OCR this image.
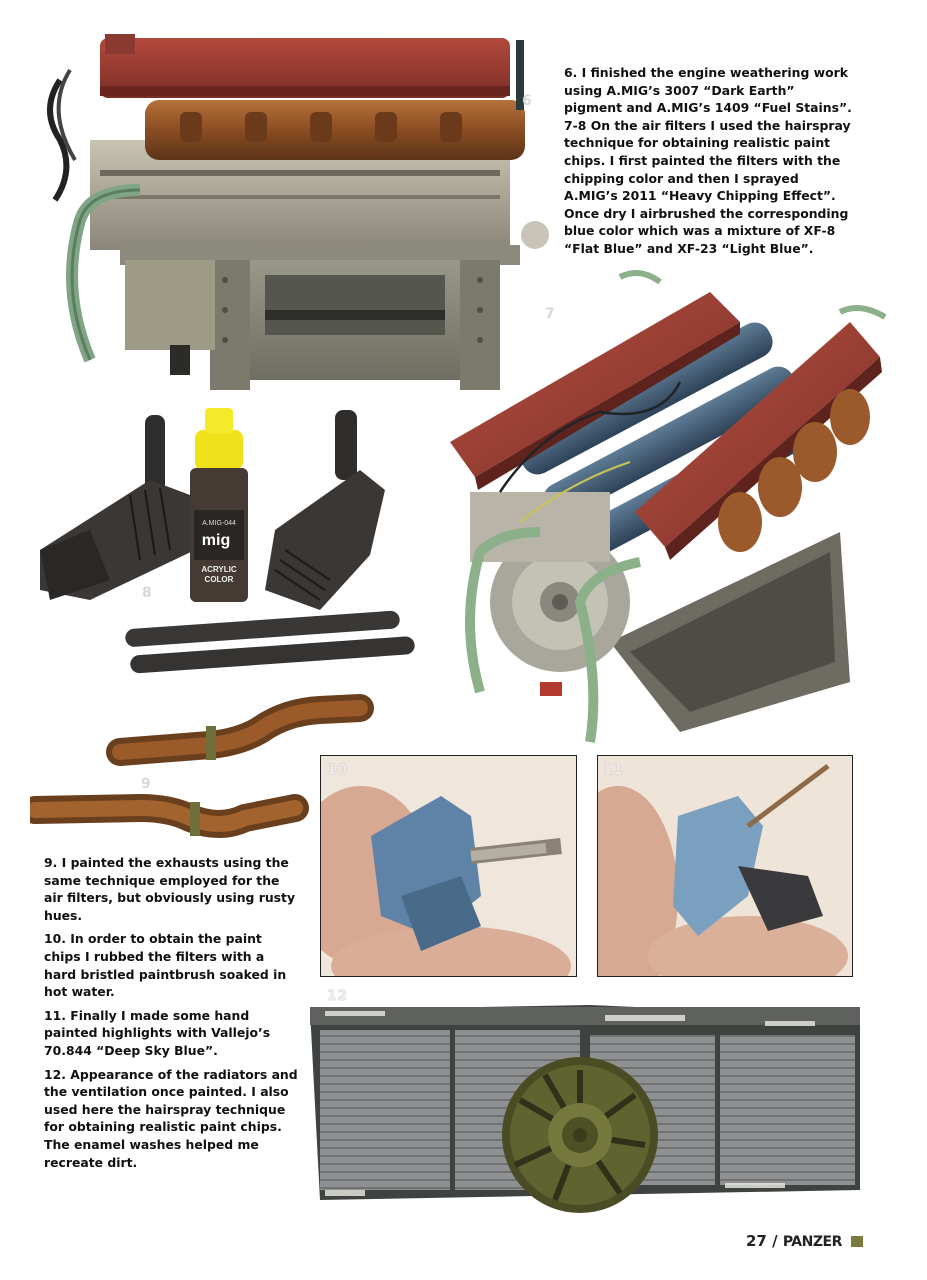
6

6. I finished the engine weathering work using A.MIG’s 3007 “Dark Earth” pigment and A.MIG’s 1409 “Fuel Stains”.

7-8 On the air filters I used the hairspray technique for obtaining realistic paint chips. I first painted the filters with the chipping color and then I sprayed A.MIG’s 2011 “Heavy Chipping Effect”. Once dry I airbrushed the corresponding blue color which was a mixture of XF-8 “Flat Blue” and XF-23 “Light Blue”.

7
A.MIG-044
mig
ACRYLIC
COLOR
8
9

9. I painted the exhausts using the same technique employed for the air filters, but obviously using rusty hues.

10. In order to obtain the paint chips I rubbed the filters with a hard bristled paintbrush soaked in hot water.

11. Finally I made some hand painted highlights with Vallejo’s 70.844 “Deep Sky Blue”.

12. Appearance of the radiators and the ventilation once painted. I also used here the hairspray technique for obtaining realistic paint chips. The enamel washes helped me recreate dirt.

10	11
12
27 / PANZER
